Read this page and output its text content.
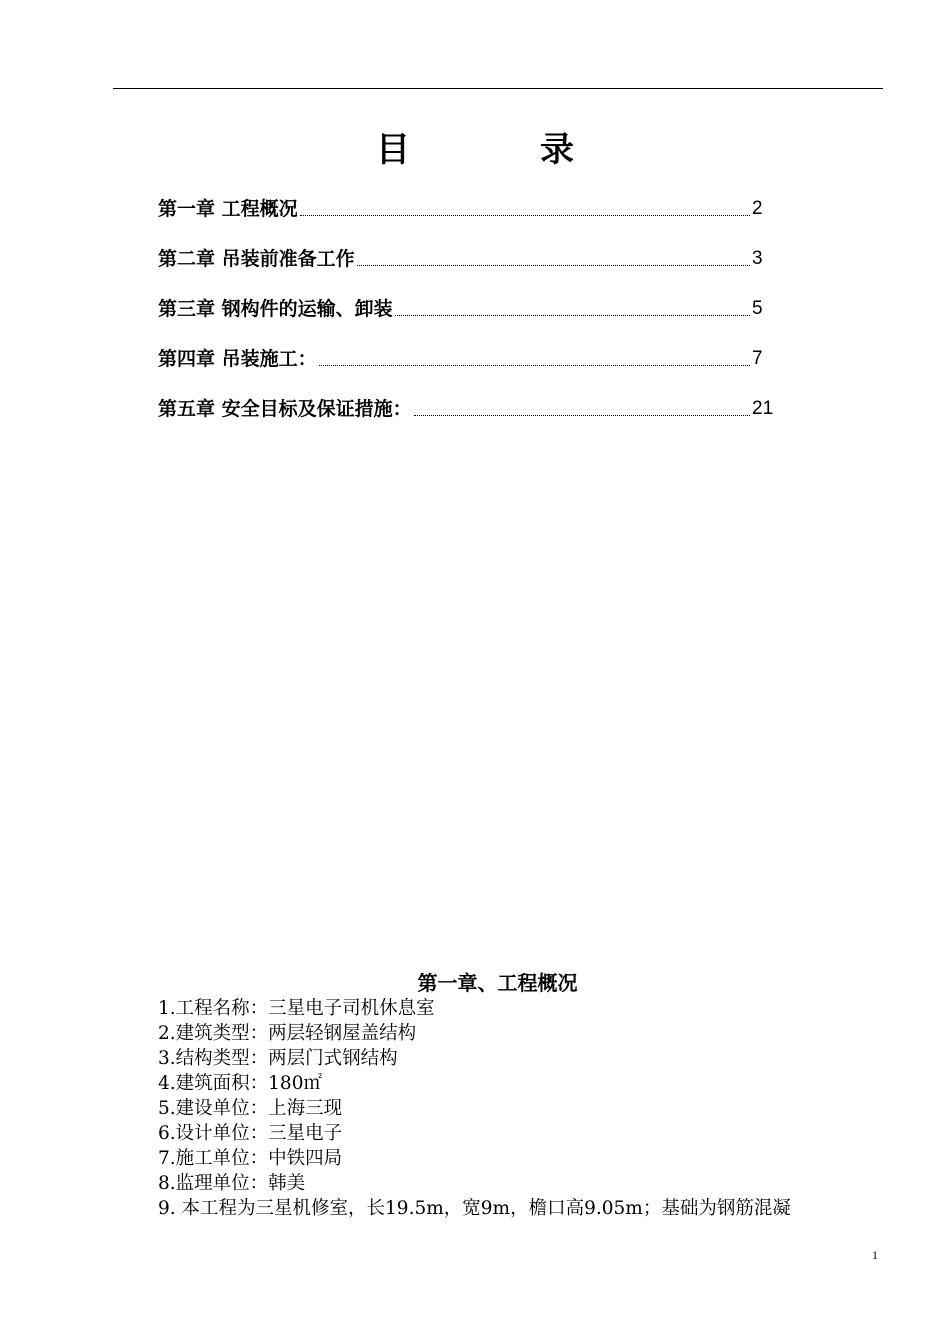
目　录
第一章 工程概况	2
第二章 吊装前准备工作	3
第三章 钢构件的运输、卸装	5
第四章 吊装施工：	7
第五章 安全目标及保证措施：	21
第一章、工程概况
1.工程名称：三星电子司机休息室
2.建筑类型：两层轻钢屋盖结构
3.结构类型：两层门式钢结构
4.建筑面积：180㎡
5.建设单位：上海三现
6.设计单位：三星电子
7.施工单位：中铁四局
8.监理单位：韩美
9. 本工程为三星机修室，长19.5m，宽9m，檐口高9.05m；基础为钢筋混凝
1
